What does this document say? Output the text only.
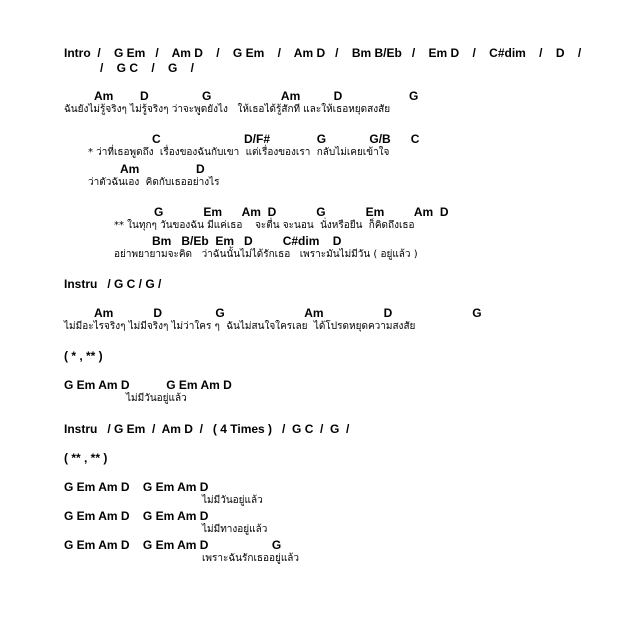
Intro  /    G Em   /    Am D    /    G Em    /    Am D   /    Bm B/Eb   /    Em D    /    C#dim    /    D    /
/    G C    /    G    /
Am        D                G                     Am          D                    G
ฉันยังไม่รู้จริงๆ ไม่รู้จริงๆ ว่าจะพูดยังไง   ให้เธอได้รู้สักที และให้เธอหยุดสงสัย
C                         D/F#              G             G/B      C
* ว่าที่เธอพูดถึง  เรื่องของฉันกับเขา  แต่เรื่องของเรา  กลับไม่เคยเข้าใจ
Am                 D
ว่าตัวฉันเอง  คิดกับเธออย่างไร
G            Em      Am  D            G            Em         Am  D
** ในทุกๆ วันของฉัน มีแค่เธอ    จะตื่น จะนอน  นั่งหรือยืน  ก็คิดถึงเธอ
Bm   B/Eb  Em   D         C#dim    D
อย่าพยายามจะคิด   ว่าฉันนั้นไม่ได้รักเธอ   เพราะมันไม่มีวัน ( อยู่แล้ว )
Instru   / G C / G /
Am            D                G                        Am                  D                        G
ไม่มีอะไรจริงๆ ไม่มีจริงๆ ไม่ว่าใคร ๆ  ฉันไม่สนใจใครเลย  ได้โปรดหยุดความสงสัย
( * , ** )
G Em Am D           G Em Am D
ไม่มีวันอยู่แล้ว
Instru   / G Em  /  Am D  /   ( 4 Times )   /  G C  /  G  /
( ** , ** )
G Em Am D    G Em Am D
ไม่มีวันอยู่แล้ว
G Em Am D    G Em Am D
ไม่มีทางอยู่แล้ว
G Em Am D    G Em Am D                   G
เพราะฉันรักเธออยู่แล้ว
